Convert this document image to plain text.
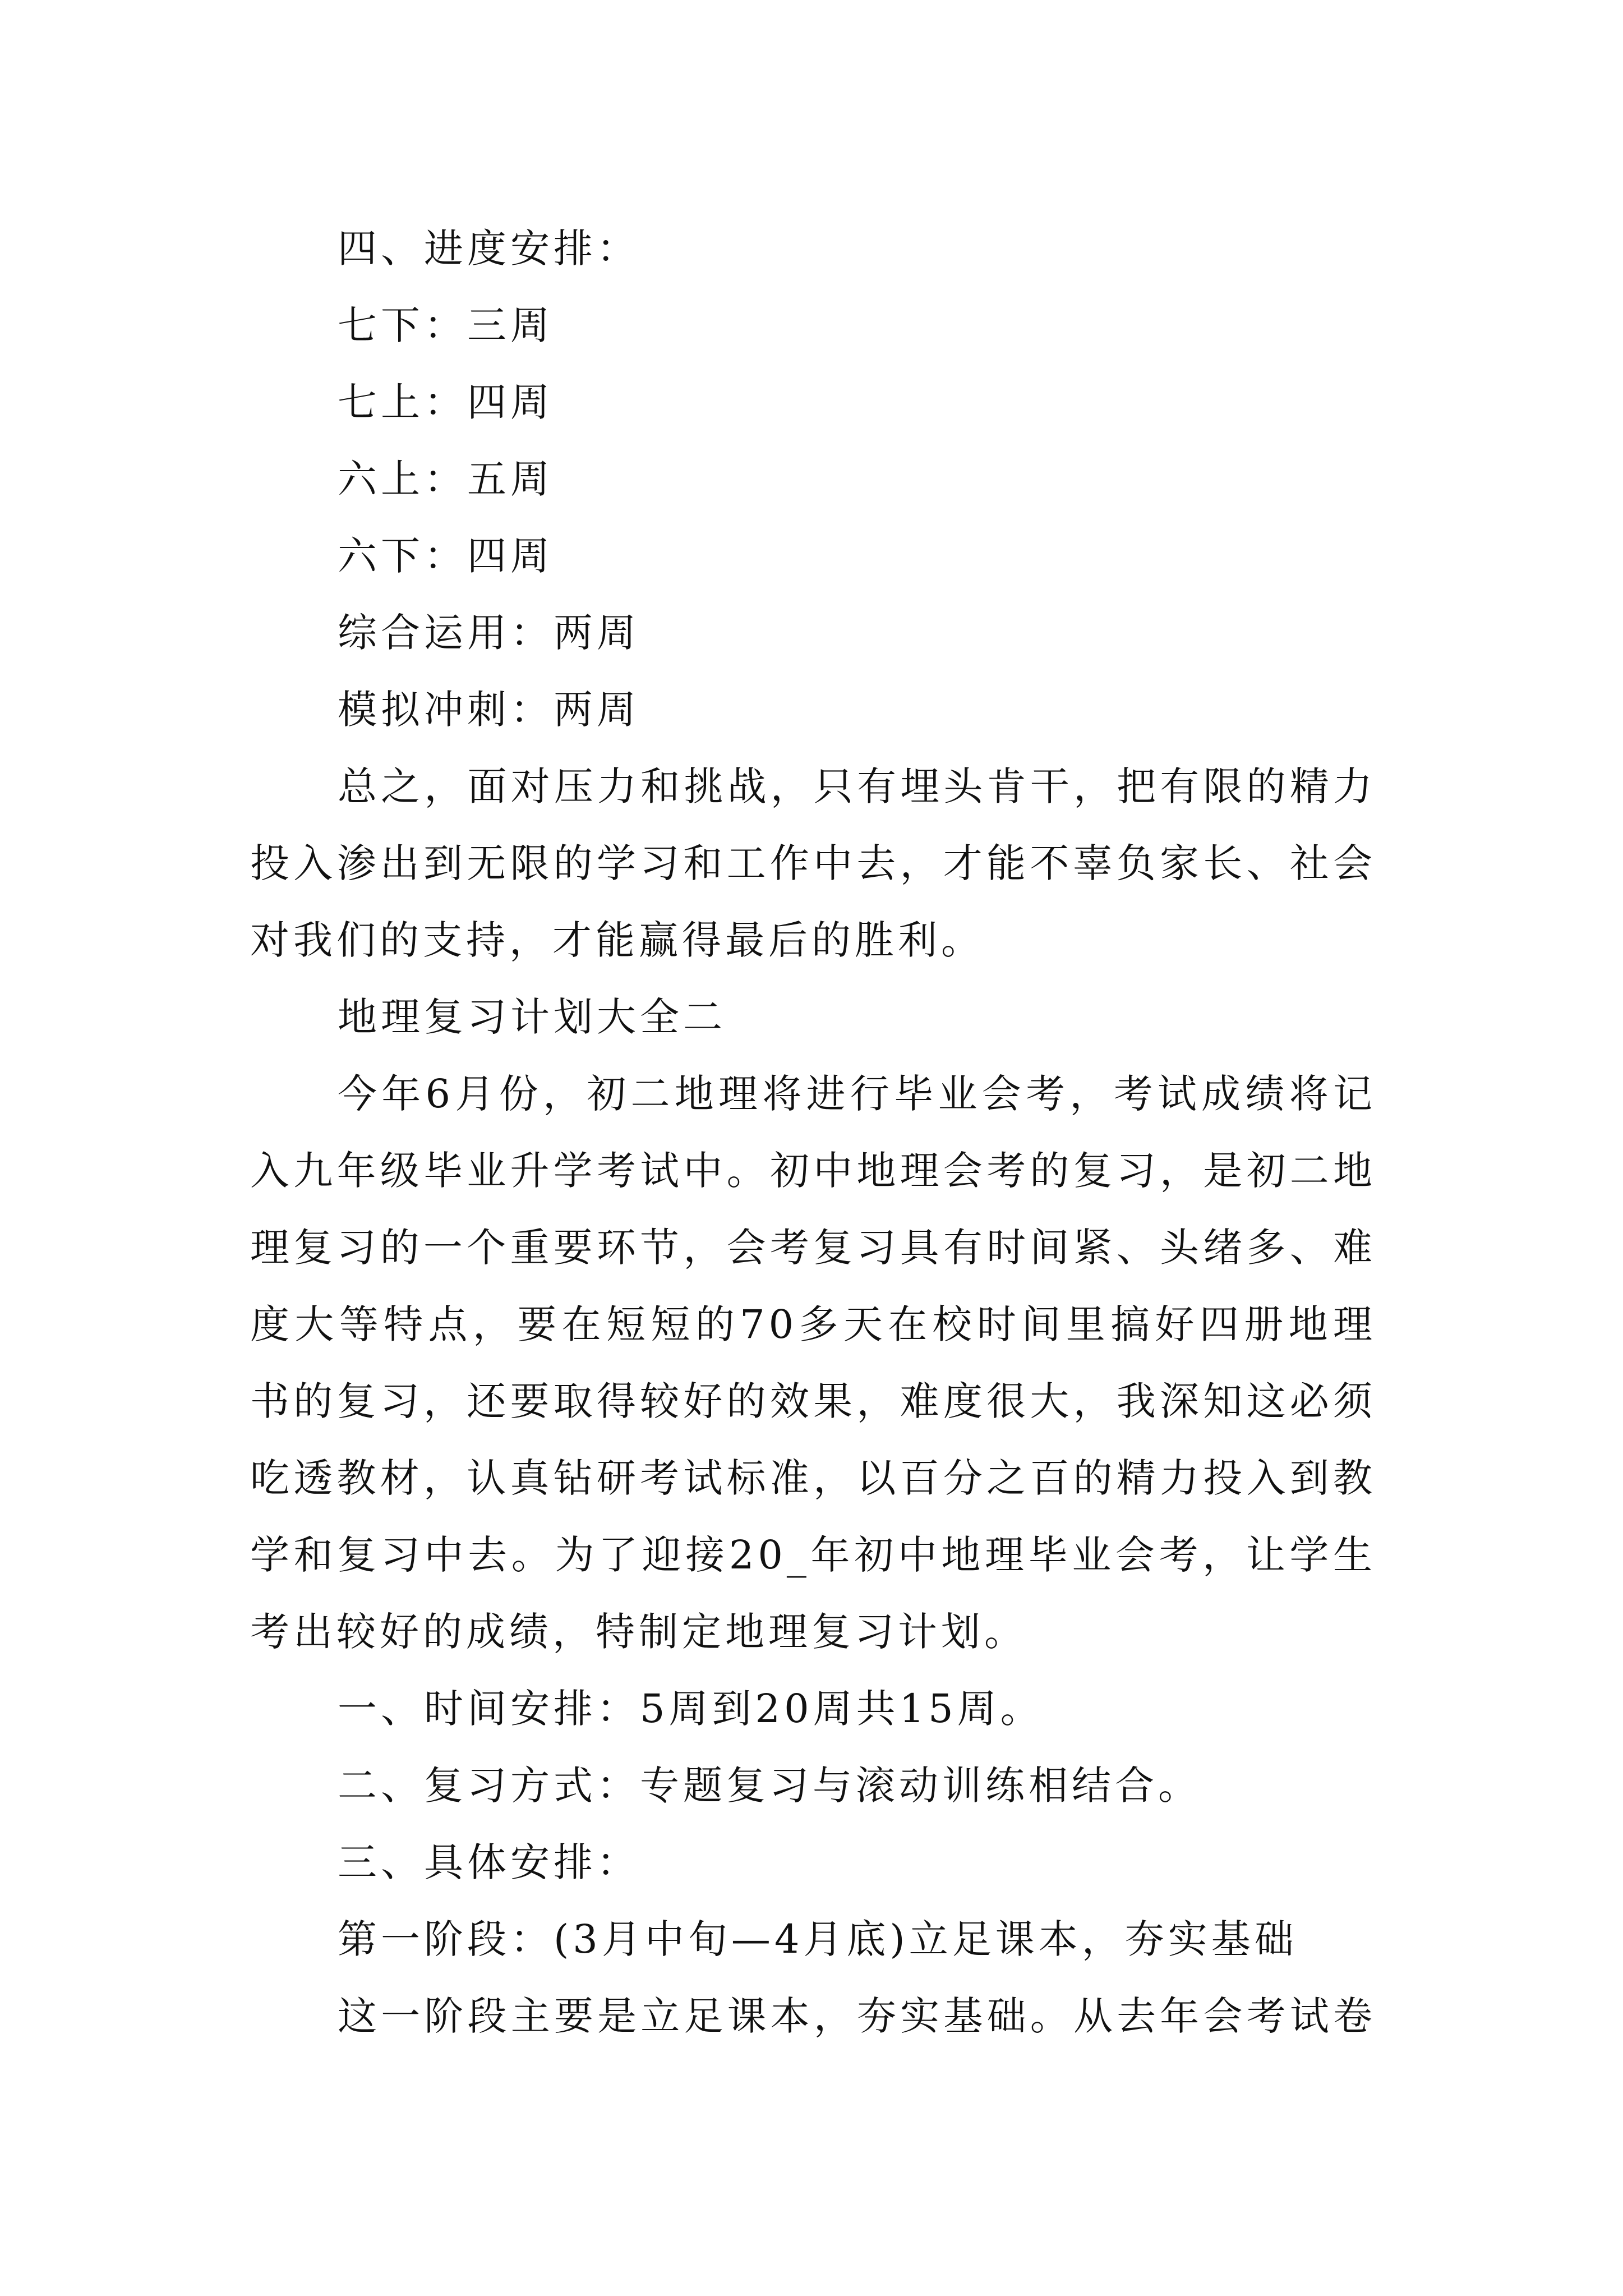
四、进度安排：
七下：三周
七上：四周
六上：五周
六下：四周
综合运用：两周
模拟冲刺：两周
总之，面对压力和挑战，只有埋头肯干，把有限的精力
投入渗出到无限的学习和工作中去，才能不辜负家长、社会
对我们的支持，才能赢得最后的胜利。
地理复习计划大全二
今年6月份，初二地理将进行毕业会考，考试成绩将记
入九年级毕业升学考试中。初中地理会考的复习，是初二地
理复习的一个重要环节，会考复习具有时间紧、头绪多、难
度大等特点，要在短短的70多天在校时间里搞好四册地理
书的复习，还要取得较好的效果，难度很大，我深知这必须
吃透教材，认真钻研考试标准，以百分之百的精力投入到教
学和复习中去。为了迎接20_年初中地理毕业会考，让学生
考出较好的成绩，特制定地理复习计划。
一、时间安排：5周到20周共15周。
二、复习方式：专题复习与滚动训练相结合。
三、具体安排：
第一阶段：(3月中旬—4月底)立足课本，夯实基础
这一阶段主要是立足课本，夯实基础。从去年会考试卷
